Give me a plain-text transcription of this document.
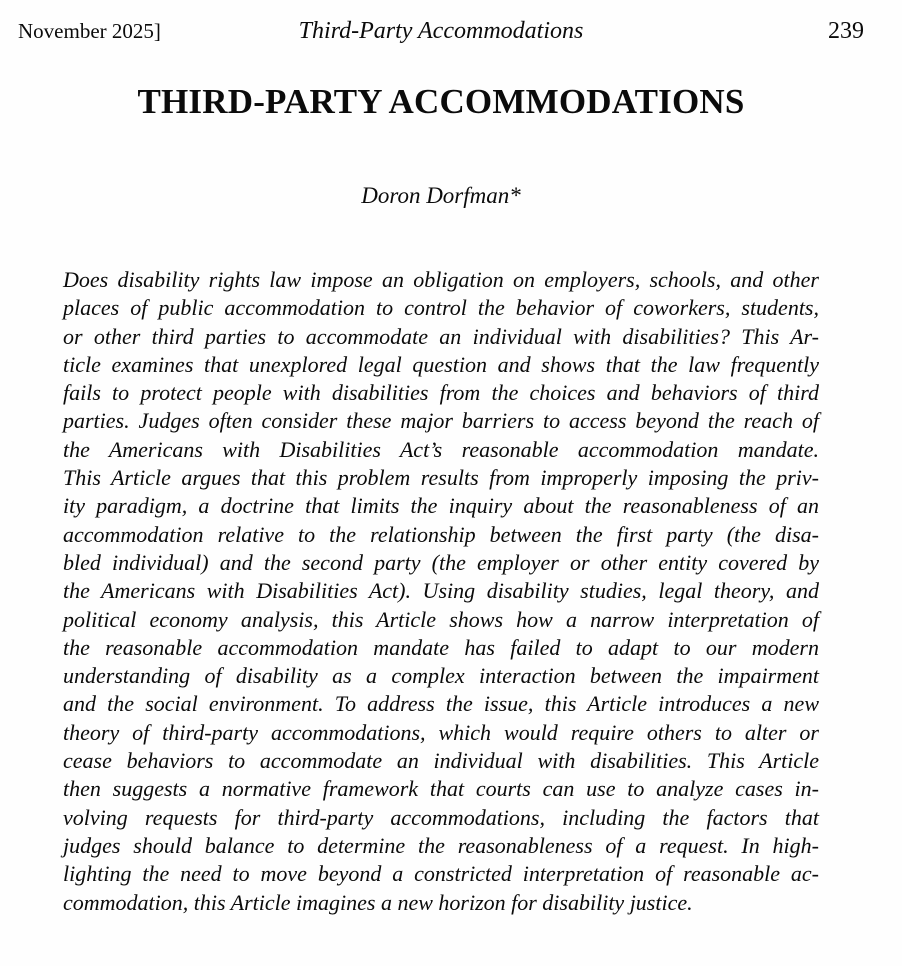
November 2025]	Third-Party Accommodations	239
THIRD-PARTY ACCOMMODATIONS
Doron Dorfman*
Does disability rights law impose an obligation on employers, schools, and other
places of public accommodation to control the behavior of coworkers, students,
or other third parties to accommodate an individual with disabilities? This Ar-
ticle examines that unexplored legal question and shows that the law frequently
fails to protect people with disabilities from the choices and behaviors of third
parties. Judges often consider these major barriers to access beyond the reach of
the Americans with Disabilities Act’s reasonable accommodation mandate.
This Article argues that this problem results from improperly imposing the priv-
ity paradigm, a doctrine that limits the inquiry about the reasonableness of an
accommodation relative to the relationship between the first party (the disa-
bled individual) and the second party (the employer or other entity covered by
the Americans with Disabilities Act). Using disability studies, legal theory, and
political economy analysis, this Article shows how a narrow interpretation of
the reasonable accommodation mandate has failed to adapt to our modern
understanding of disability as a complex interaction between the impairment
and the social environment. To address the issue, this Article introduces a new
theory of third-party accommodations, which would require others to alter or
cease behaviors to accommodate an individual with disabilities. This Article
then suggests a normative framework that courts can use to analyze cases in-
volving requests for third-party accommodations, including the factors that
judges should balance to determine the reasonableness of a request. In high-
lighting the need to move beyond a constricted interpretation of reasonable ac-
commodation, this Article imagines a new horizon for disability justice.
